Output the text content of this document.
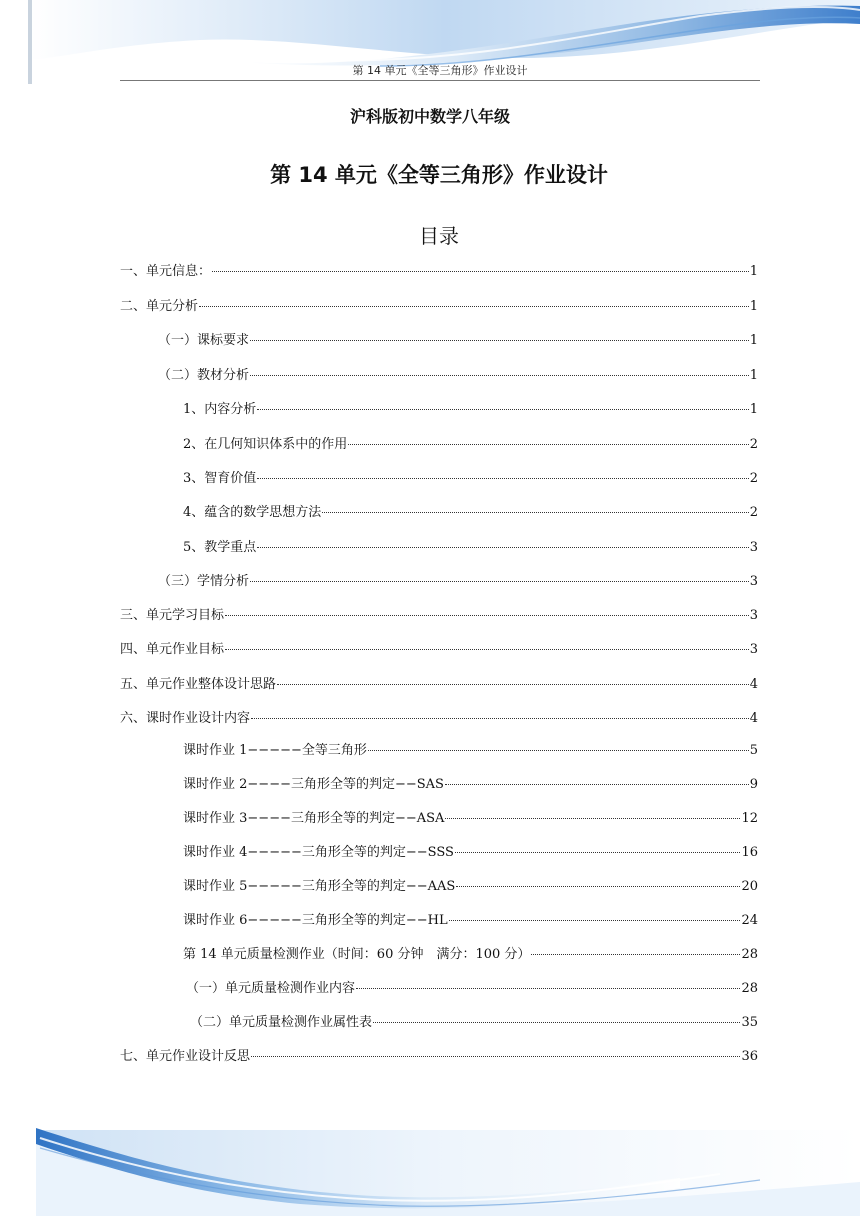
第 14 单元《全等三角形》作业设计
沪科版初中数学八年级
第 14 单元《全等三角形》作业设计
目录
一、单元信息：	1
二、单元分析	1
（一）课标要求	1
（二）教材分析	1
1、内容分析	1
2、在几何知识体系中的作用	2
3、智育价值	2
4、蕴含的数学思想方法	2
5、教学重点	3
（三）学情分析	3
三、单元学习目标	3
四、单元作业目标	3
五、单元作业整体设计思路	4
六、课时作业设计内容	4
课时作业 1−−−−−全等三角形	5
课时作业 2−−−−三角形全等的判定−−SAS	9
课时作业 3−−−−三角形全等的判定−−ASA	12
课时作业 4−−−−−三角形全等的判定−−SSS	16
课时作业 5−−−−−三角形全等的判定−−AAS	20
课时作业 6−−−−−三角形全等的判定−−HL	24
第 14 单元质量检测作业（时间：60 分钟　满分：100 分）	28
（一）单元质量检测作业内容	28
（二）单元质量检测作业属性表	35
七、单元作业设计反思	36
